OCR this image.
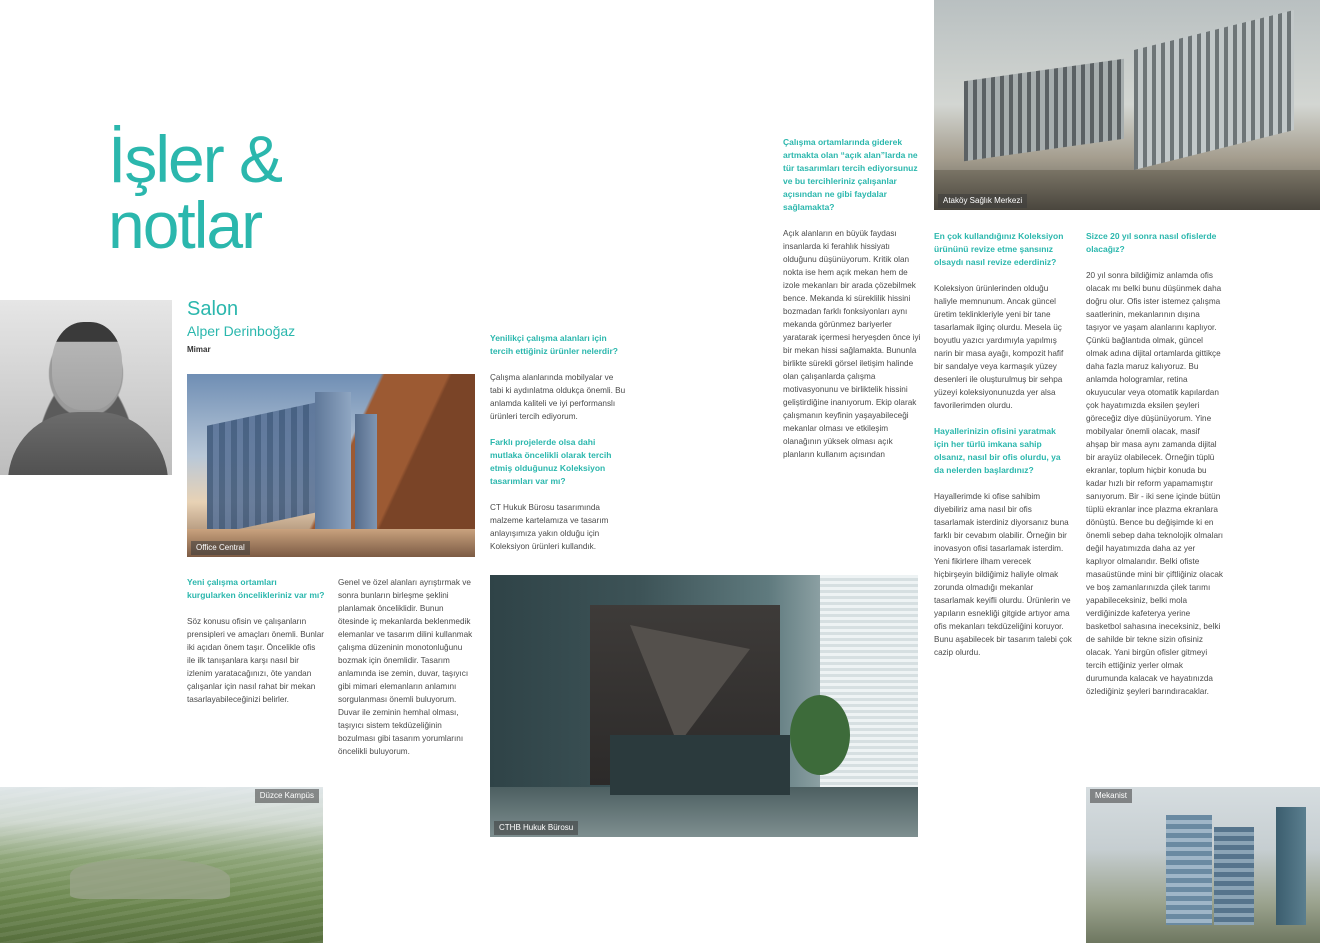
İşler & notlar
Salon
Alper Derinboğaz
Mimar
Office Central
Düzce Kampüs
CTHB Hukuk Bürosu
Ataköy Sağlık Merkezi
Mekanist
Yeni çalışma ortamları kurgularken öncelikleriniz var mı?
Söz konusu ofisin ve çalışanların prensipleri ve amaçları önemli. Bunlar iki açıdan önem taşır. Öncelikle ofis ile ilk tanışanlara karşı nasıl bir izlenim yaratacağınızı, öte yandan çalışanlar için nasıl rahat bir mekan tasarlayabileceğinizi belirler.
Genel ve özel alanları ayrıştırmak ve sonra bunların birleşme şeklini planlamak önceliklidir. Bunun ötesinde iç mekanlarda beklenmedik elemanlar ve tasarım dilini kullanmak çalışma düzeninin monotonluğunu bozmak için önemlidir. Tasarım anlamında ise zemin, duvar, taşıyıcı gibi mimari elemanların anlamını sorgulanması önemli buluyorum. Duvar ile zeminin hemhal olması, taşıyıcı sistem tekdüzeliğinin bozulması gibi tasarım yorumlarını öncelikli buluyorum.
Yenilikçi çalışma alanları için tercih ettiğiniz ürünler nelerdir?
Çalışma alanlarında mobilyalar ve tabi ki aydınlatma oldukça önemli. Bu anlamda kaliteli ve iyi performanslı ürünleri tercih ediyorum.
Farklı projelerde olsa dahi mutlaka öncelikli olarak tercih etmiş olduğunuz Koleksiyon tasarımları var mı?
CT Hukuk Bürosu tasarımında malzeme kartelamıza ve tasarım anlayışımıza yakın olduğu için Koleksiyon ürünleri kullandık.
Çalışma ortamlarında giderek artmakta olan “açık alan”larda ne tür tasarımları tercih ediyorsunuz ve bu tercihleriniz çalışanlar açısından ne gibi faydalar sağlamakta?
Açık alanların en büyük faydası insanlarda ki ferahlık hissiyatı olduğunu düşünüyorum. Kritik olan nokta ise hem açık mekan hem de izole mekanları bir arada çözebilmek bence. Mekanda ki süreklilik hissini bozmadan farklı fonksiyonları aynı mekanda görünmez bariyerler yaratarak içermesi heryeşden önce iyi bir mekan hissi sağlamakta. Bununla birlikte sürekli görsel iletişim halinde olan çalışanlarda çalışma motivasyonunu ve birliktelik hissini geliştirdiğine inanıyorum. Ekip olarak çalışmanın keyfinin yaşayabileceği mekanlar olması ve etkileşim olanağının yüksek olması açık planların kullanım açısından
En çok kullandığınız Koleksiyon ürününü revize etme şansınız olsaydı nasıl revize ederdiniz?
Koleksiyon ürünlerinden olduğu haliyle memnunum. Ancak güncel üretim teklinkleriyle yeni bir tane tasarlamak ilginç olurdu. Mesela üç boyutlu yazıcı yardımıyla yapılmış narin bir masa ayağı, kompozit hafif bir sandalye veya karmaşık yüzey desenleri ile oluşturulmuş bir sehpa yüzeyi koleksiyonunuzda yer alsa favorilerimden olurdu.
Hayallerinizin ofisini yaratmak için her türlü imkana sahip olsanız, nasıl bir ofis olurdu, ya da nelerden başlardınız?
Hayallerimde ki ofise sahibim diyebiliriz ama nasıl bir ofis tasarlamak isterdiniz diyorsanız buna farklı bir cevabım olabilir. Örneğin bir inovasyon ofisi tasarlamak isterdim. Yeni fikirlere ilham verecek hiçbirşeyin bildiğimiz haliyle olmak zorunda olmadığı mekanlar tasarlamak keyifli olurdu. Ürünlerin ve yapıların esnekliği gitgide artıyor ama ofis mekanları tekdüzeliğini koruyor. Bunu aşabilecek bir tasarım talebi çok cazip olurdu.
Sizce 20 yıl sonra nasıl ofislerde olacağız?
20 yıl sonra bildiğimiz anlamda ofis olacak mı belki bunu düşünmek daha doğru olur. Ofis ister istemez çalışma saatlerinin, mekanlarının dışına taşıyor ve yaşam alanlarını kaplıyor. Çünkü bağlantıda olmak, güncel olmak adına dijital ortamlarda gittikçe daha fazla maruz kalıyoruz. Bu anlamda hologramlar, retina okuyucular veya otomatik kapılardan çok hayatımızda eksilen şeyleri göreceğiz diye düşünüyorum. Yine mobilyalar önemli olacak, masif ahşap bir masa aynı zamanda dijital bir arayüz olabilecek. Örneğin tüplü ekranlar, toplum hiçbir konuda bu kadar hızlı bir reform yapamamıştır sanıyorum. Bir - iki sene içinde bütün tüplü ekranlar ince plazma ekranlara dönüştü. Bence bu değişimde ki en önemli sebep daha teknolojik olmaları değil hayatımızda daha az yer kaplıyor olmalarıdır. Belki ofiste masaüstünde mini bir çiftliğiniz olacak ve boş zamanlarınızda çilek tarımı yapabileceksiniz, belki mola verdiğinizde kafeterya yerine basketbol sahasına ineceksiniz, belki de sahilde bir tekne sizin ofisiniz olacak. Yani birgün ofisler gitmeyi tercih ettiğiniz yerler olmak durumunda kalacak ve hayatınızda özlediğiniz şeyleri barındıracaklar.
